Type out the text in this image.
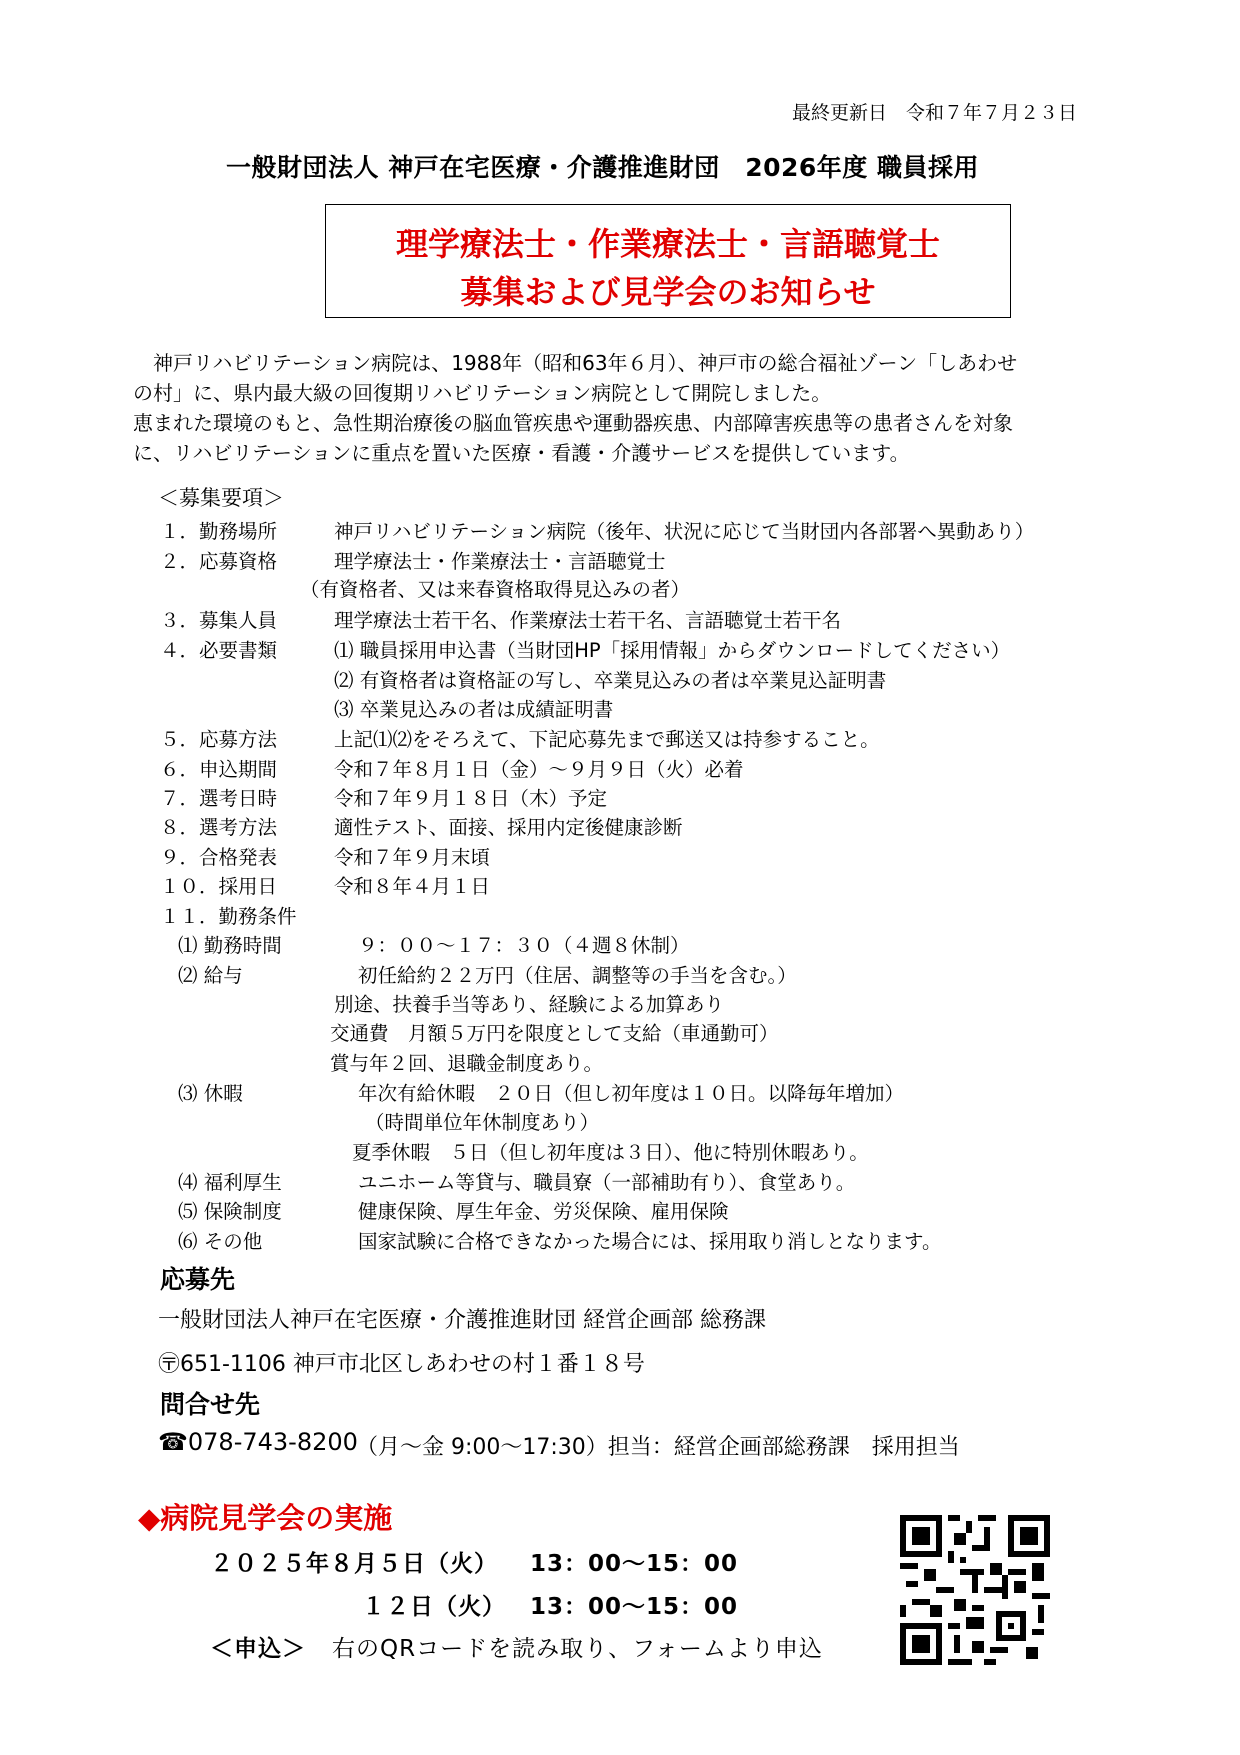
最終更新日　令和７年７月２３日
一般財団法人 神戸在宅医療・介護推進財団　2026年度 職員採用
理学療法士・作業療法士・言語聴覚士
募集および見学会のお知らせ
　神戸リハビリテーション病院は、1988年（昭和63年６月）、神戸市の総合福祉ゾーン「しあわせ
の村」に、県内最大級の回復期リハビリテーション病院として開院しました。
恵まれた環境のもと、急性期治療後の脳血管疾患や運動器疾患、内部障害疾患等の患者さんを対象
に、リハビリテーションに重点を置いた医療・看護・介護サービスを提供しています。
＜募集要項＞
１．勤務場所	神戸リハビリテーション病院（後年、状況に応じて当財団内各部署へ異動あり）
２．応募資格	理学療法士・作業療法士・言語聴覚士
（有資格者、又は来春資格取得見込みの者）
３．募集人員	理学療法士若干名、作業療法士若干名、言語聴覚士若干名
４．必要書類	⑴ 職員採用申込書（当財団HP「採用情報」からダウンロードしてください）
⑵ 有資格者は資格証の写し、卒業見込みの者は卒業見込証明書
⑶ 卒業見込みの者は成績証明書
５．応募方法	上記⑴⑵をそろえて、下記応募先まで郵送又は持参すること。
６．申込期間	令和７年８月１日（金）～９月９日（火）必着
７．選考日時	令和７年９月１８日（木）予定
８．選考方法	適性テスト、面接、採用内定後健康診断
９．合格発表	令和７年９月末頃
１０．採用日	令和８年４月１日
１１．勤務条件
⑴ 勤務時間	９：００～１７：３０（４週８休制）
⑵ 給与	初任給約２２万円（住居、調整等の手当を含む。）
別途、扶養手当等あり、経験による加算あり
交通費　月額５万円を限度として支給（車通勤可）
賞与年２回、退職金制度あり。
⑶ 休暇	年次有給休暇　２０日（但し初年度は１０日。以降毎年増加）
（時間単位年休制度あり）
夏季休暇　５日（但し初年度は３日）、他に特別休暇あり。
⑷ 福利厚生	ユニホーム等貸与、職員寮（一部補助有り）、食堂あり。
⑸ 保険制度	健康保険、厚生年金、労災保険、雇用保険
⑹ その他	国家試験に合格できなかった場合には、採用取り消しとなります。
応募先
一般財団法人神戸在宅医療・介護推進財団 経営企画部 総務課
〶651-1106 神戸市北区しあわせの村１番１８号
問合せ先
☎078-743-8200
（月～金 9:00～17:30）担当：経営企画部総務課　採用担当
◆病院見学会の実施
２０２５年８月５日（火） 13：00～15：00
１２日（火） 13：00～15：00
＜申込＞ 右のQRコードを読み取り、フォームより申込
